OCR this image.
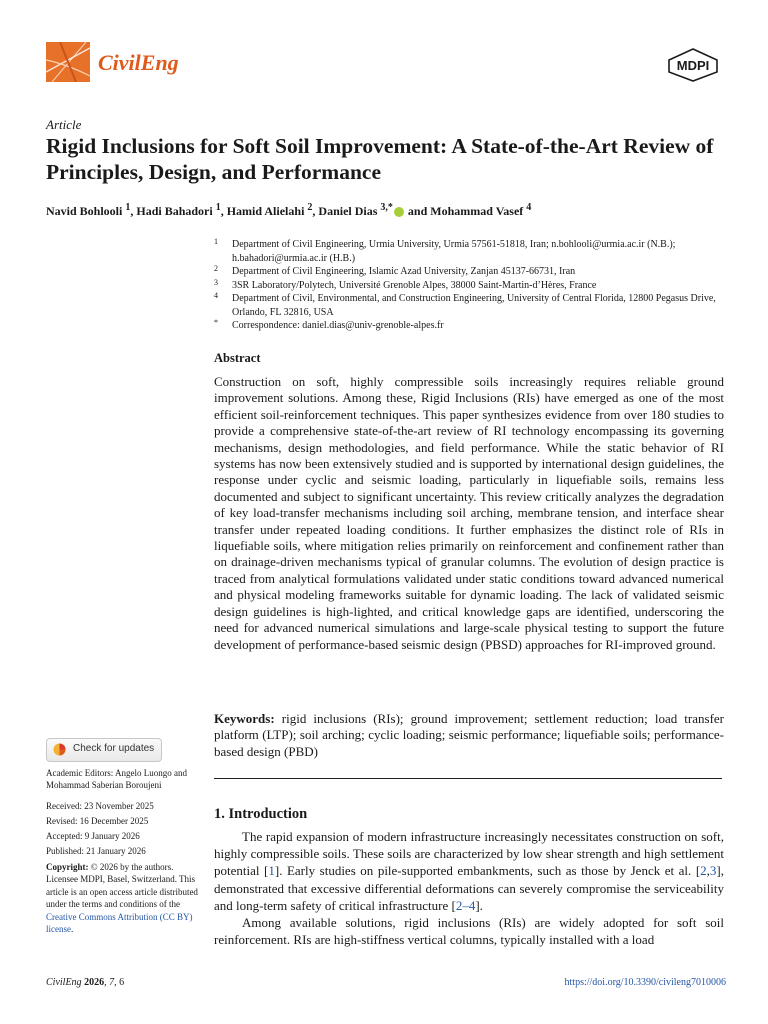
CivilEng	MDPI
Article
Rigid Inclusions for Soft Soil Improvement: A State-of-the-Art Review of Principles, Design, and Performance
Navid Bohlooli $^1$, Hadi Bahadori $^1$, Hamid Alielahi $^2$, Daniel Dias $^{3,*}$ and Mohammad Vasef $^4$
1 Department of Civil Engineering, Urmia University, Urmia 57561-51818, Iran; n.bohlooli@urmia.ac.ir (N.B.); h.bahadori@urmia.ac.ir (H.B.)
2 Department of Civil Engineering, Islamic Azad University, Zanjan 45137-66731, Iran
3 3SR Laboratory/Polytech, Université Grenoble Alpes, 38000 Saint-Martin-d’Hères, France
4 Department of Civil, Environmental, and Construction Engineering, University of Central Florida, 12800 Pegasus Drive, Orlando, FL 32816, USA
* Correspondence: daniel.dias@univ-grenoble-alpes.fr
Abstract
Construction on soft, highly compressible soils increasingly requires reliable ground improvement solutions. Among these, Rigid Inclusions (RIs) have emerged as one of the most efficient soil-reinforcement techniques. This paper synthesizes evidence from over 180 studies to provide a comprehensive state-of-the-art review of RI technology encompassing its governing mechanisms, design methodologies, and field performance. While the static behavior of RI systems has now been extensively studied and is supported by international design guidelines, the response under cyclic and seismic loading, particularly in liquefiable soils, remains less documented and subject to significant uncertainty. This review critically analyzes the degradation of key load-transfer mechanisms including soil arching, membrane tension, and interface shear transfer under repeated loading conditions. It further emphasizes the distinct role of RIs in liquefiable soils, where mitigation relies primarily on reinforcement and confinement rather than on drainage-driven mechanisms typical of granular columns. The evolution of design practice is traced from analytical formulations validated under static conditions toward advanced numerical and physical modeling frameworks suitable for dynamic loading. The lack of validated seismic design guidelines is high-lighted, and critical knowledge gaps are identified, underscoring the need for advanced numerical simulations and large-scale physical testing to support the future development of performance-based seismic design (PBSD) approaches for RI-improved ground.
Keywords: rigid inclusions (RIs); ground improvement; settlement reduction; load transfer platform (LTP); soil arching; cyclic loading; seismic performance; liquefiable soils; performance-based design (PBD)
1. Introduction

The rapid expansion of modern infrastructure increasingly necessitates construction on soft, highly compressible soils. These soils are characterized by low shear strength and high settlement potential [1]. Early studies on pile-supported embankments, such as those by Jenck et al. [2,3], demonstrated that excessive differential deformations can severely compromise the serviceability and long-term safety of critical infrastructure [2–4].

Among available solutions, rigid inclusions (RIs) are widely adopted for soft soil reinforcement. RIs are high-stiffness vertical columns, typically installed with a load

Check for updates
Academic Editors: Angelo Luongo and Mohammad Saberian Boroujeni
Received: 23 November 2025
Revised: 16 December 2025
Accepted: 9 January 2026
Published: 21 January 2026
Copyright: © 2026 by the authors. Licensee MDPI, Basel, Switzerland. This article is an open access article distributed under the terms and conditions of the Creative Commons Attribution (CC BY) license.
CivilEng 2026, 7, 6	https://doi.org/10.3390/civileng7010006
